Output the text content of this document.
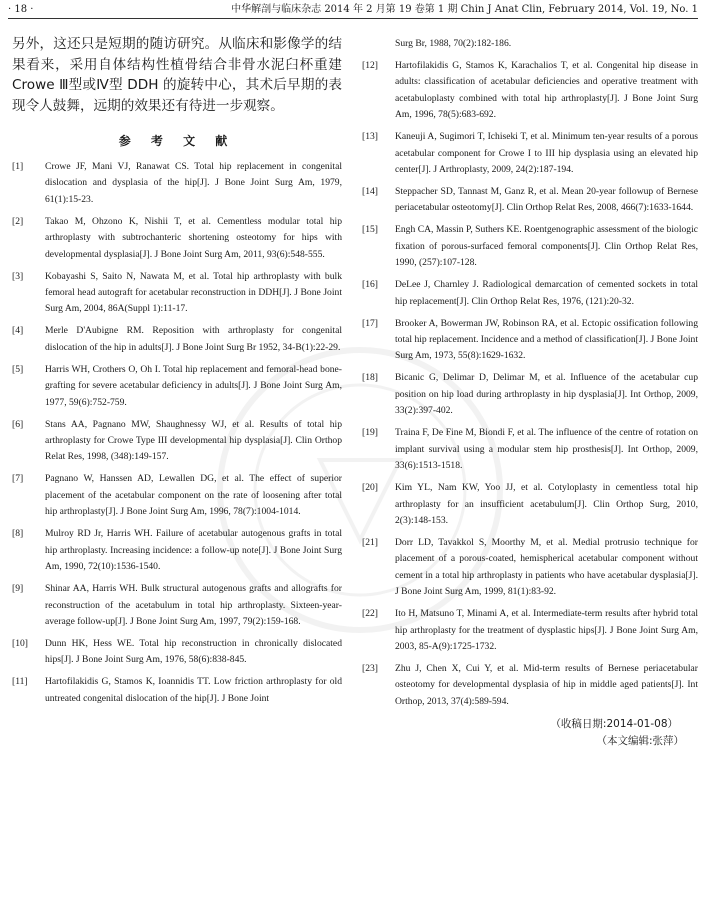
· 18 ·	中华解剖与临床杂志 2014 年 2 月第 19 卷第 1 期 Chin J Anat Clin, February 2014, Vol. 19, No. 1

另外，这还只是短期的随访研究。从临床和影像学的结果看来，采用自体结构性植骨结合非骨水泥臼杯重建 Crowe Ⅲ型或Ⅳ型 DDH 的旋转中心，其术后早期的表现令人鼓舞，远期的效果还有待进一步观察。

参 考 文 献
[1] Crowe JF, Mani VJ, Ranawat CS. Total hip replacement in congenital dislocation and dysplasia of the hip[J]. J Bone Joint Surg Am, 1979, 61(1):15-23.
[2] Takao M, Ohzono K, Nishii T, et al. Cementless modular total hip arthroplasty with subtrochanteric shortening osteotomy for hips with developmental dysplasia[J]. J Bone Joint Surg Am, 2011, 93(6):548-555.
[3] Kobayashi S, Saito N, Nawata M, et al. Total hip arthroplasty with bulk femoral head autograft for acetabular reconstruction in DDH[J]. J Bone Joint Surg Am, 2004, 86A(Suppl 1):11-17.
[4] Merle D'Aubigne RM. Reposition with arthroplasty for congenital dislocation of the hip in adults[J]. J Bone Joint Surg Br 1952, 34-B(1):22-29.
[5] Harris WH, Crothers O, Oh I. Total hip replacement and femoral-head bone-grafting for severe acetabular deficiency in adults[J]. J Bone Joint Surg Am, 1977, 59(6):752-759.
[6] Stans AA, Pagnano MW, Shaughnessy WJ, et al. Results of total hip arthroplasty for Crowe Type III developmental hip dysplasia[J]. Clin Orthop Relat Res, 1998, (348):149-157.
[7] Pagnano W, Hanssen AD, Lewallen DG, et al. The effect of superior placement of the acetabular component on the rate of loosening after total hip arthroplasty[J]. J Bone Joint Surg Am, 1996, 78(7):1004-1014.
[8] Mulroy RD Jr, Harris WH. Failure of acetabular autogenous grafts in total hip arthroplasty. Increasing incidence: a follow-up note[J]. J Bone Joint Surg Am, 1990, 72(10):1536-1540.
[9] Shinar AA, Harris WH. Bulk structural autogenous grafts and allografts for reconstruction of the acetabulum in total hip arthroplasty. Sixteen-year-average follow-up[J]. J Bone Joint Surg Am, 1997, 79(2):159-168.
[10] Dunn HK, Hess WE. Total hip reconstruction in chronically dislocated hips[J]. J Bone Joint Surg Am, 1976, 58(6):838-845.
[11] Hartofilakidis G, Stamos K, Ioannidis TT. Low friction arthroplasty for old untreated congenital dislocation of the hip[J]. J Bone Joint
Surg Br, 1988, 70(2):182-186.
[12] Hartofilakidis G, Stamos K, Karachalios T, et al. Congenital hip disease in adults: classification of acetabular deficiencies and operative treatment with acetabuloplasty combined with total hip arthroplasty[J]. J Bone Joint Surg Am, 1996, 78(5):683-692.
[13] Kaneuji A, Sugimori T, Ichiseki T, et al. Minimum ten-year results of a porous acetabular component for Crowe I to III hip dysplasia using an elevated hip center[J]. J Arthroplasty, 2009, 24(2):187-194.
[14] Steppacher SD, Tannast M, Ganz R, et al. Mean 20-year followup of Bernese periacetabular osteotomy[J]. Clin Orthop Relat Res, 2008, 466(7):1633-1644.
[15] Engh CA, Massin P, Suthers KE. Roentgenographic assessment of the biologic fixation of porous-surfaced femoral components[J]. Clin Orthop Relat Res, 1990, (257):107-128.
[16] DeLee J, Charnley J. Radiological demarcation of cemented sockets in total hip replacement[J]. Clin Orthop Relat Res, 1976, (121):20-32.
[17] Brooker A, Bowerman JW, Robinson RA, et al. Ectopic ossification following total hip replacement. Incidence and a method of classification[J]. J Bone Joint Surg Am, 1973, 55(8):1629-1632.
[18] Bicanic G, Delimar D, Delimar M, et al. Influence of the acetabular cup position on hip load during arthroplasty in hip dysplasia[J]. Int Orthop, 2009, 33(2):397-402.
[19] Traina F, De Fine M, Biondi F, et al. The influence of the centre of rotation on implant survival using a modular stem hip prosthesis[J]. Int Orthop, 2009, 33(6):1513-1518.
[20] Kim YL, Nam KW, Yoo JJ, et al. Cotyloplasty in cementless total hip arthroplasty for an insufficient acetabulum[J]. Clin Orthop Surg, 2010, 2(3):148-153.
[21] Dorr LD, Tavakkol S, Moorthy M, et al. Medial protrusio technique for placement of a porous-coated, hemispherical acetabular component without cement in a total hip arthroplasty in patients who have acetabular dysplasia[J]. J Bone Joint Surg Am, 1999, 81(1):83-92.
[22] Ito H, Matsuno T, Minami A, et al. Intermediate-term results after hybrid total hip arthroplasty for the treatment of dysplastic hips[J]. J Bone Joint Surg Am, 2003, 85-A(9):1725-1732.
[23] Zhu J, Chen X, Cui Y, et al. Mid-term results of Bernese periacetabular osteotomy for developmental dysplasia of hip in middle aged patients[J]. Int Orthop, 2013, 37(4):589-594.
（收稿日期:2014-01-08）
（本文编辑:张萍）
